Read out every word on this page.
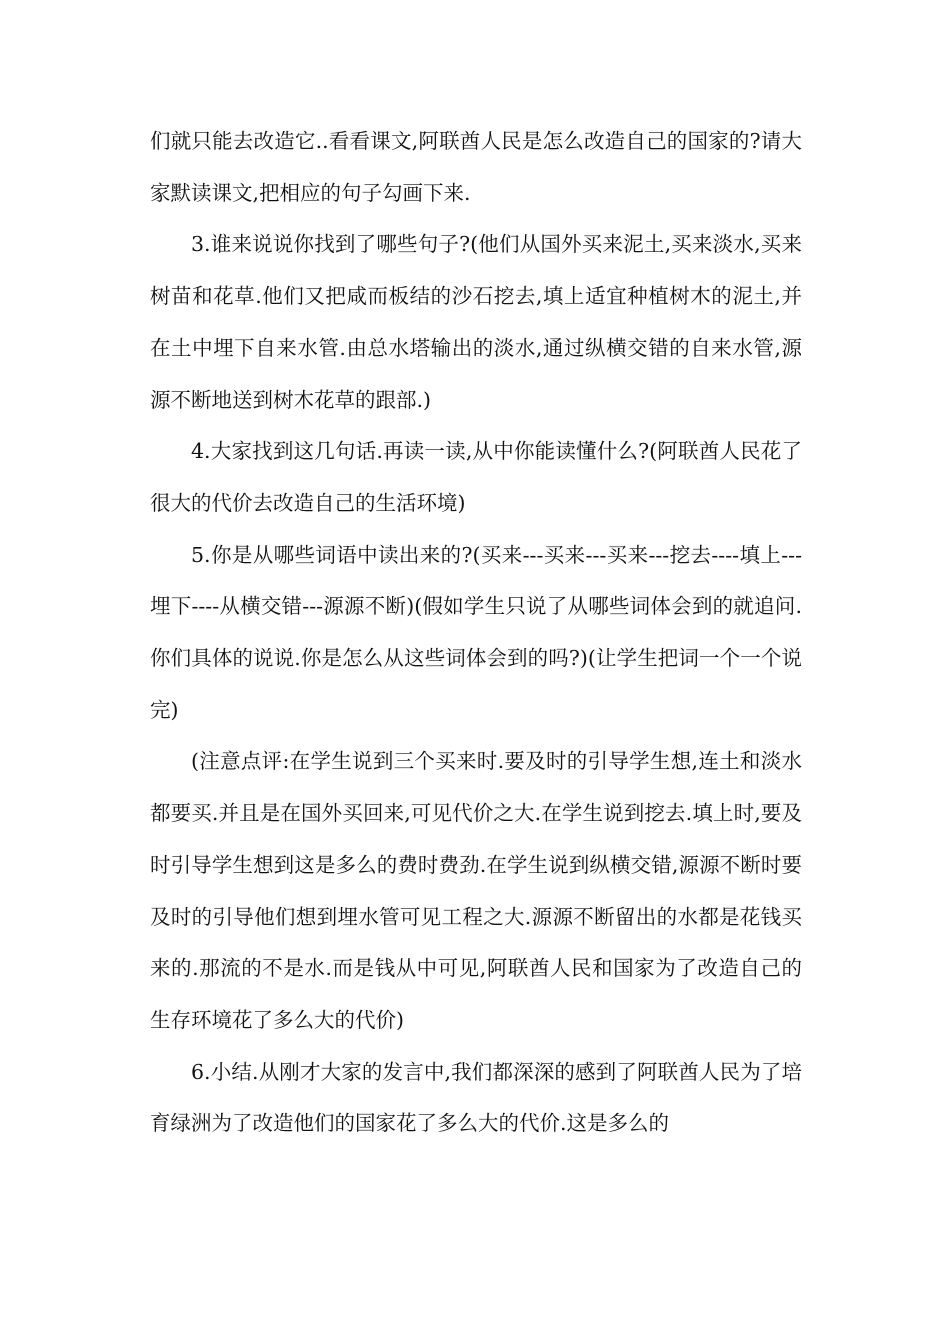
们就只能去改造它..看看课文,阿联酋人民是怎么改造自己的国家的?请大家默读课文,把相应的句子勾画下来.

3.谁来说说你找到了哪些句子?(他们从国外买来泥土,买来淡水,买来树苗和花草.他们又把咸而板结的沙石挖去,填上适宜种植树木的泥土,并在土中埋下自来水管.由总水塔输出的淡水,通过纵横交错的自来水管,源源不断地送到树木花草的跟部.)

4.大家找到这几句话.再读一读,从中你能读懂什么?(阿联酋人民花了很大的代价去改造自己的生活环境)

5.你是从哪些词语中读出来的?(买来---买来---买来---挖去----填上---埋下----从横交错---源源不断)(假如学生只说了从哪些词体会到的就追问.你们具体的说说.你是怎么从这些词体会到的吗?)(让学生把词一个一个说完)

(注意点评:在学生说到三个买来时.要及时的引导学生想,连土和淡水都要买.并且是在国外买回来,可见代价之大.在学生说到挖去.填上时,要及时引导学生想到这是多么的费时费劲.在学生说到纵横交错,源源不断时要及时的引导他们想到埋水管可见工程之大.源源不断留出的水都是花钱买来的.那流的不是水.而是钱从中可见,阿联酋人民和国家为了改造自己的生存环境花了多么大的代价)

6.小结.从刚才大家的发言中,我们都深深的感到了阿联酋人民为了培育绿洲为了改造他们的国家花了多么大的代价.这是多么的
